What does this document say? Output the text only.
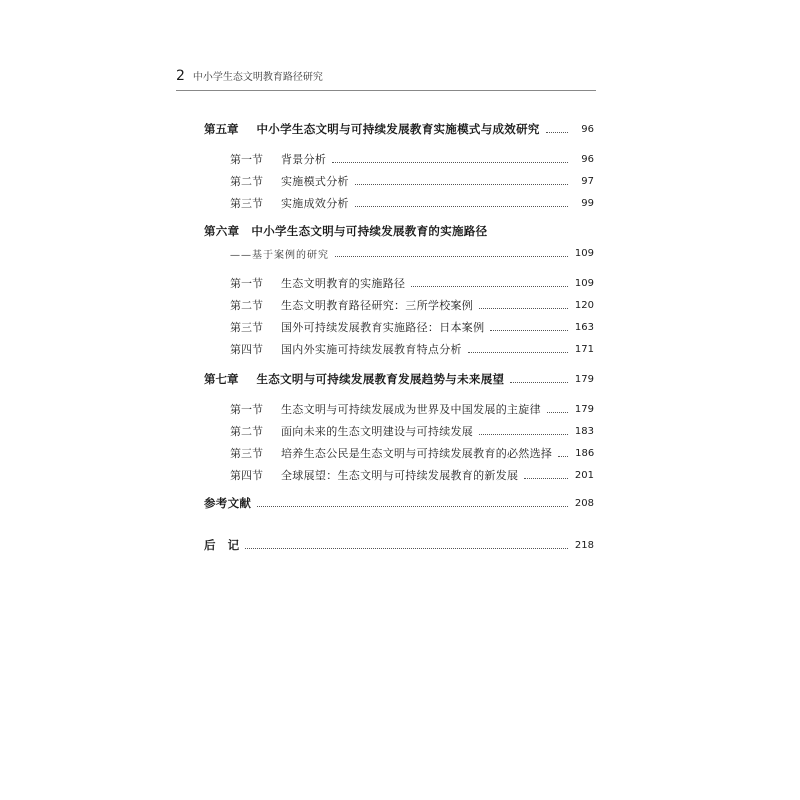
2 中小学生态文明教育路径研究
第五章 中小学生态文明与可持续发展教育实施模式与成效研究	96
第一节 背景分析	96
第二节 实施模式分析	97
第三节 实施成效分析	99
第六章 中小学生态文明与可持续发展教育的实施路径
——基于案例的研究	109
第一节 生态文明教育的实施路径	109
第二节 生态文明教育路径研究：三所学校案例	120
第三节 国外可持续发展教育实施路径：日本案例	163
第四节 国内外实施可持续发展教育特点分析	171
第七章 生态文明与可持续发展教育发展趋势与未来展望	179
第一节 生态文明与可持续发展成为世界及中国发展的主旋律	179
第二节 面向未来的生态文明建设与可持续发展	183
第三节 培养生态公民是生态文明与可持续发展教育的必然选择 186
第四节 全球展望：生态文明与可持续发展教育的新发展	201
参考文献	208
后　记	218
